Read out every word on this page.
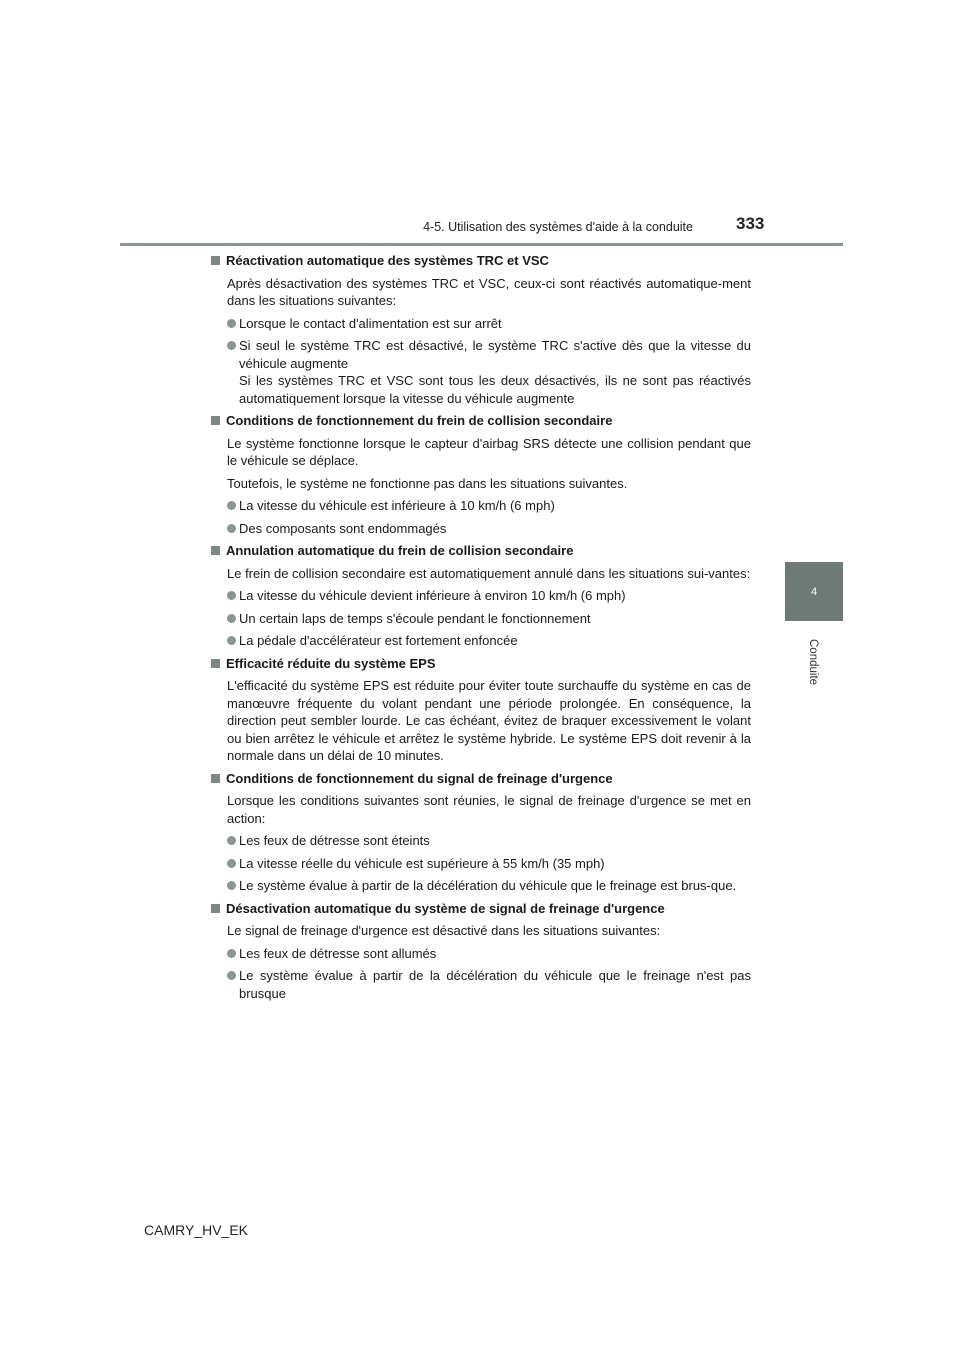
4-5. Utilisation des systèmes d'aide à la conduite	333
4
Conduite
Réactivation automatique des systèmes TRC et VSC
Après désactivation des systèmes TRC et VSC, ceux-ci sont réactivés automatique-ment dans les situations suivantes:
Lorsque le contact d'alimentation est sur arrêt
Si seul le système TRC est désactivé, le système TRC s'active dès que la vitesse du véhicule augmente
Si les systèmes TRC et VSC sont tous les deux désactivés, ils ne sont pas réactivés automatiquement lorsque la vitesse du véhicule augmente
Conditions de fonctionnement du frein de collision secondaire
Le système fonctionne lorsque le capteur d'airbag SRS détecte une collision pendant que le véhicule se déplace.
Toutefois, le système ne fonctionne pas dans les situations suivantes.
La vitesse du véhicule est inférieure à 10 km/h (6 mph)
Des composants sont endommagés
Annulation automatique du frein de collision secondaire
Le frein de collision secondaire est automatiquement annulé dans les situations sui-vantes:
La vitesse du véhicule devient inférieure à environ 10 km/h (6 mph)
Un certain laps de temps s'écoule pendant le fonctionnement
La pédale d'accélérateur est fortement enfoncée
Efficacité réduite du système EPS
L'efficacité du système EPS est réduite pour éviter toute surchauffe du système en cas de manœuvre fréquente du volant pendant une période prolongée. En conséquence, la direction peut sembler lourde. Le cas échéant, évitez de braquer excessivement le volant ou bien arrêtez le véhicule et arrêtez le système hybride. Le système EPS doit revenir à la normale dans un délai de 10 minutes.
Conditions de fonctionnement du signal de freinage d'urgence
Lorsque les conditions suivantes sont réunies, le signal de freinage d'urgence se met en action:
Les feux de détresse sont éteints
La vitesse réelle du véhicule est supérieure à 55 km/h (35 mph)
Le système évalue à partir de la décélération du véhicule que le freinage est brus-que.
Désactivation automatique du système de signal de freinage d'urgence
Le signal de freinage d'urgence est désactivé dans les situations suivantes:
Les feux de détresse sont allumés
Le système évalue à partir de la décélération du véhicule que le freinage n'est pas brusque
CAMRY_HV_EK
